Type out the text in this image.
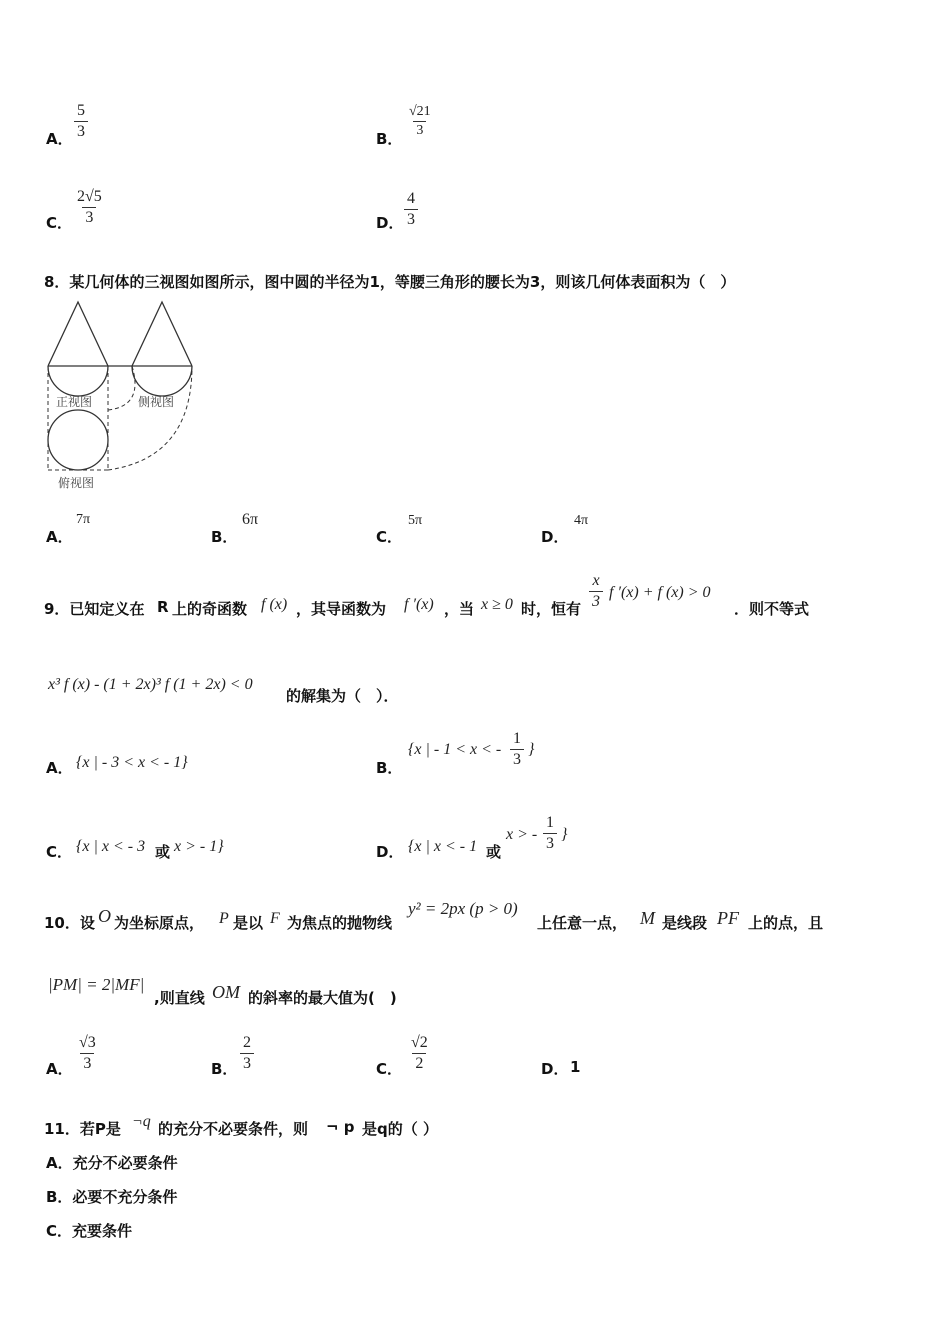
A． $\frac{5}{3}$	B． $\frac{√21}{3}$
C． $\frac{2√5}{3}$	D． $\frac{4}{3}$
8．某几何体的三视图如图所示，图中圆的半径为1，等腰三角形的腰长为3，则该几何体表面积为（　）
正视图	侧视图
俯视图
A．
7π
B．
6π
C．
5π
D．
4π
9．已知定义在 R 上的奇函数 f (x) ，其导函数为 f ′(x) ，当 x ≥ 0 时，恒有 $\frac{x}{3}$ f ′(x) + f (x) > 0
．则不等式
x³ f (x) - (1 + 2x)³ f (1 + 2x) < 0
的解集为（　）．
A． {x | - 3 < x < - 1}	B．
{x | - 1 < x < - $\frac{1}{3}$ }
C． {x | x < - 3 或 x > - 1}	D． {x | x < - 1 或
x > - $\frac{1}{3}$ }
10．设 O 为坐标原点， P 是以 F 为焦点的抛物线
y² = 2px (p > 0)
上任意一点， M 是线段 PF 上的点，且
|PM| = 2|MF|
,则直线 OM 的斜率的最大值为(　)
A． $\frac{√3}{3}$	B． $\frac{2}{3}$	C． $\frac{√2}{2}$	D． 1
11．若P是 ¬q 的充分不必要条件，则 ¬ p 是q的（ ）
A．充分不必要条件
B．必要不充分条件
C．充要条件
